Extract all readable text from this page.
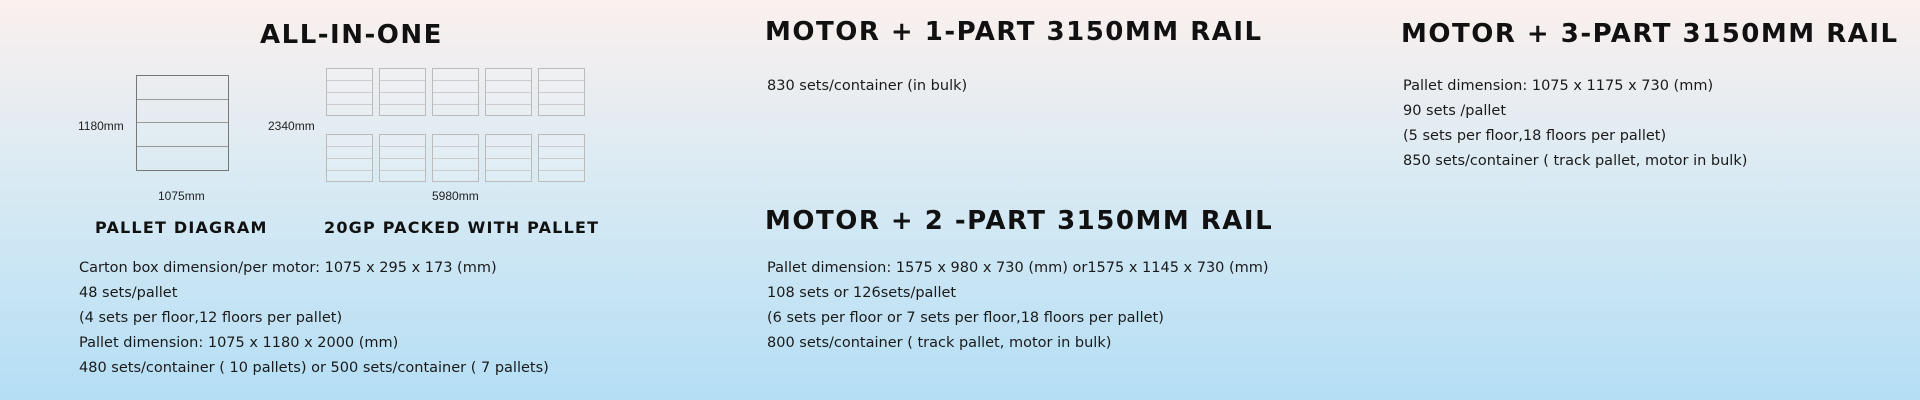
ALL-IN-ONE
1180mm
1075mm
2340mm
5980mm
PALLET DIAGRAM	20GP PACKED WITH PALLET

Carton box dimension/per motor: 1075 x 295 x 173 (mm)

48 sets/pallet

(4 sets per floor,12 floors per pallet)

Pallet dimension: 1075 x 1180 x 2000 (mm)

480 sets/container ( 10 pallets) or 500 sets/container ( 7 pallets)

MOTOR + 1-PART 3150MM RAIL

830 sets/container (in bulk)

MOTOR + 2 -PART 3150MM RAIL

Pallet dimension: 1575 x 980 x 730 (mm) or1575 x 1145 x 730 (mm)

108 sets or 126sets/pallet

(6 sets per floor or 7 sets per floor,18 floors per pallet)

800 sets/container ( track pallet, motor in bulk)

MOTOR + 3-PART 3150MM RAIL

Pallet dimension: 1075 x 1175 x 730 (mm)

90 sets /pallet

(5 sets per floor,18 floors per pallet)

850 sets/container ( track pallet, motor in bulk)
